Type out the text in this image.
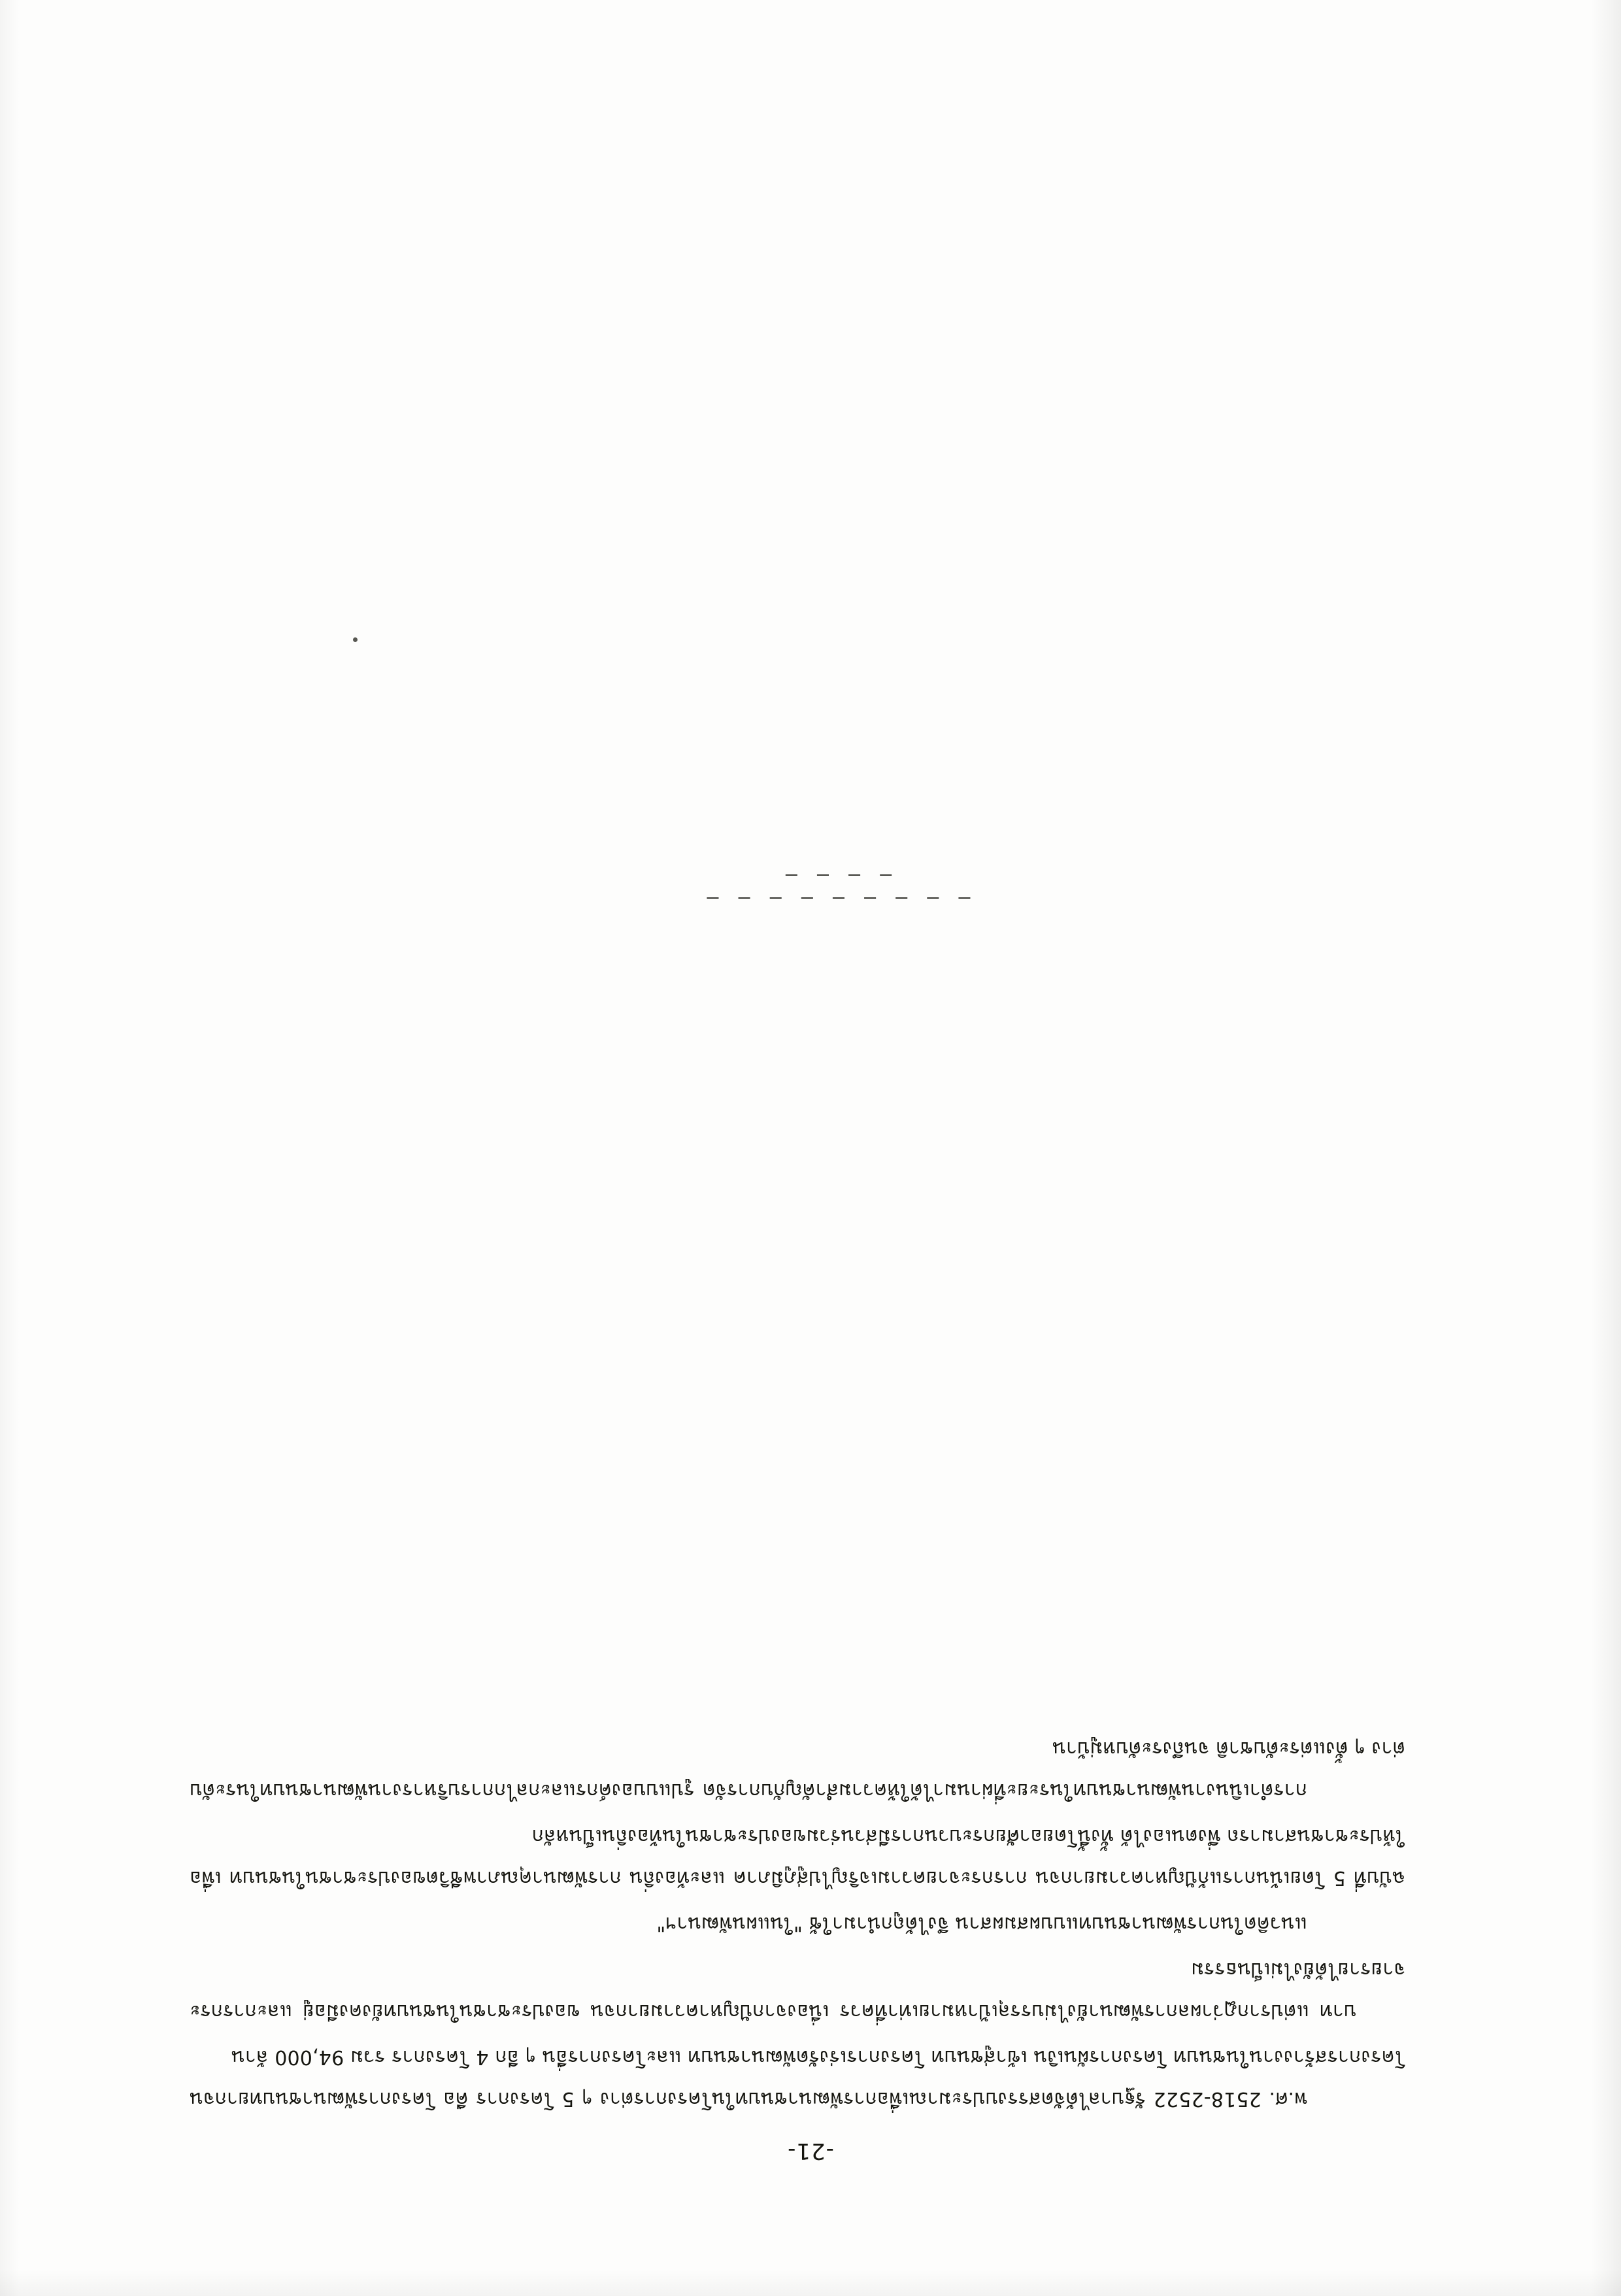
– – – – – – – – – – – – –

พ.ศ. 2518-2522 รัฐบาลได้จัดสรรงบประมาณเพื่อการพัฒนาชนบทในโครงการต่าง ๆ 5 โครงการ คือ โครงการพัฒนาชนบทยากจน โครงการสร้างงานในชนบท โครงการผันเงิน เข้าสู่ชนบท โครงการเร่งรัดพัฒนาชนบท และโครงการอื่น ๆ อีก 4 โครงการ รวม 94,000 ล้าน

บาท แต่ปรากฏว่าผลการพัฒนายังไม่บรรลุเป้าหมายเท่าที่ควร เนื่องจากปัญหาความยากจน ของประชาชนในชนบทยังคงมีอยู่ และการกระจายรายได้ยังไม่เป็นธรรม

แนวคิดในการพัฒนาชนบทแบบผสมผสาน จึงได้ถูกนำมาใช้ "ในแผนพัฒนาฯ"

ฉบับที่ 5 โดยเน้นการแก้ปัญหาความยากจน การกระจายความเจริญไปสู่ภูมิภาค และท้องถิ่น การพัฒนาคุณภาพชีวิตของประชาชนในชนบท เพื่อให้ประชาชนสามารถ พึ่งตนเองได้ ทั้งนี้โดยอาศัยกระบวนการมีส่วนร่วมของประชาชนในท้องถิ่นเป็นหลัก

การดำเนินงานพัฒนาชนบทในระยะที่ผ่านมาได้ให้ความสำคัญกับการจัด รูปแบบองค์กรและกลไกการบริหารงานพัฒนาชนบทในระดับต่าง ๆ ตั้งแต่ระดับชาติ จนถึงระดับหมู่บ้าน

-21-
